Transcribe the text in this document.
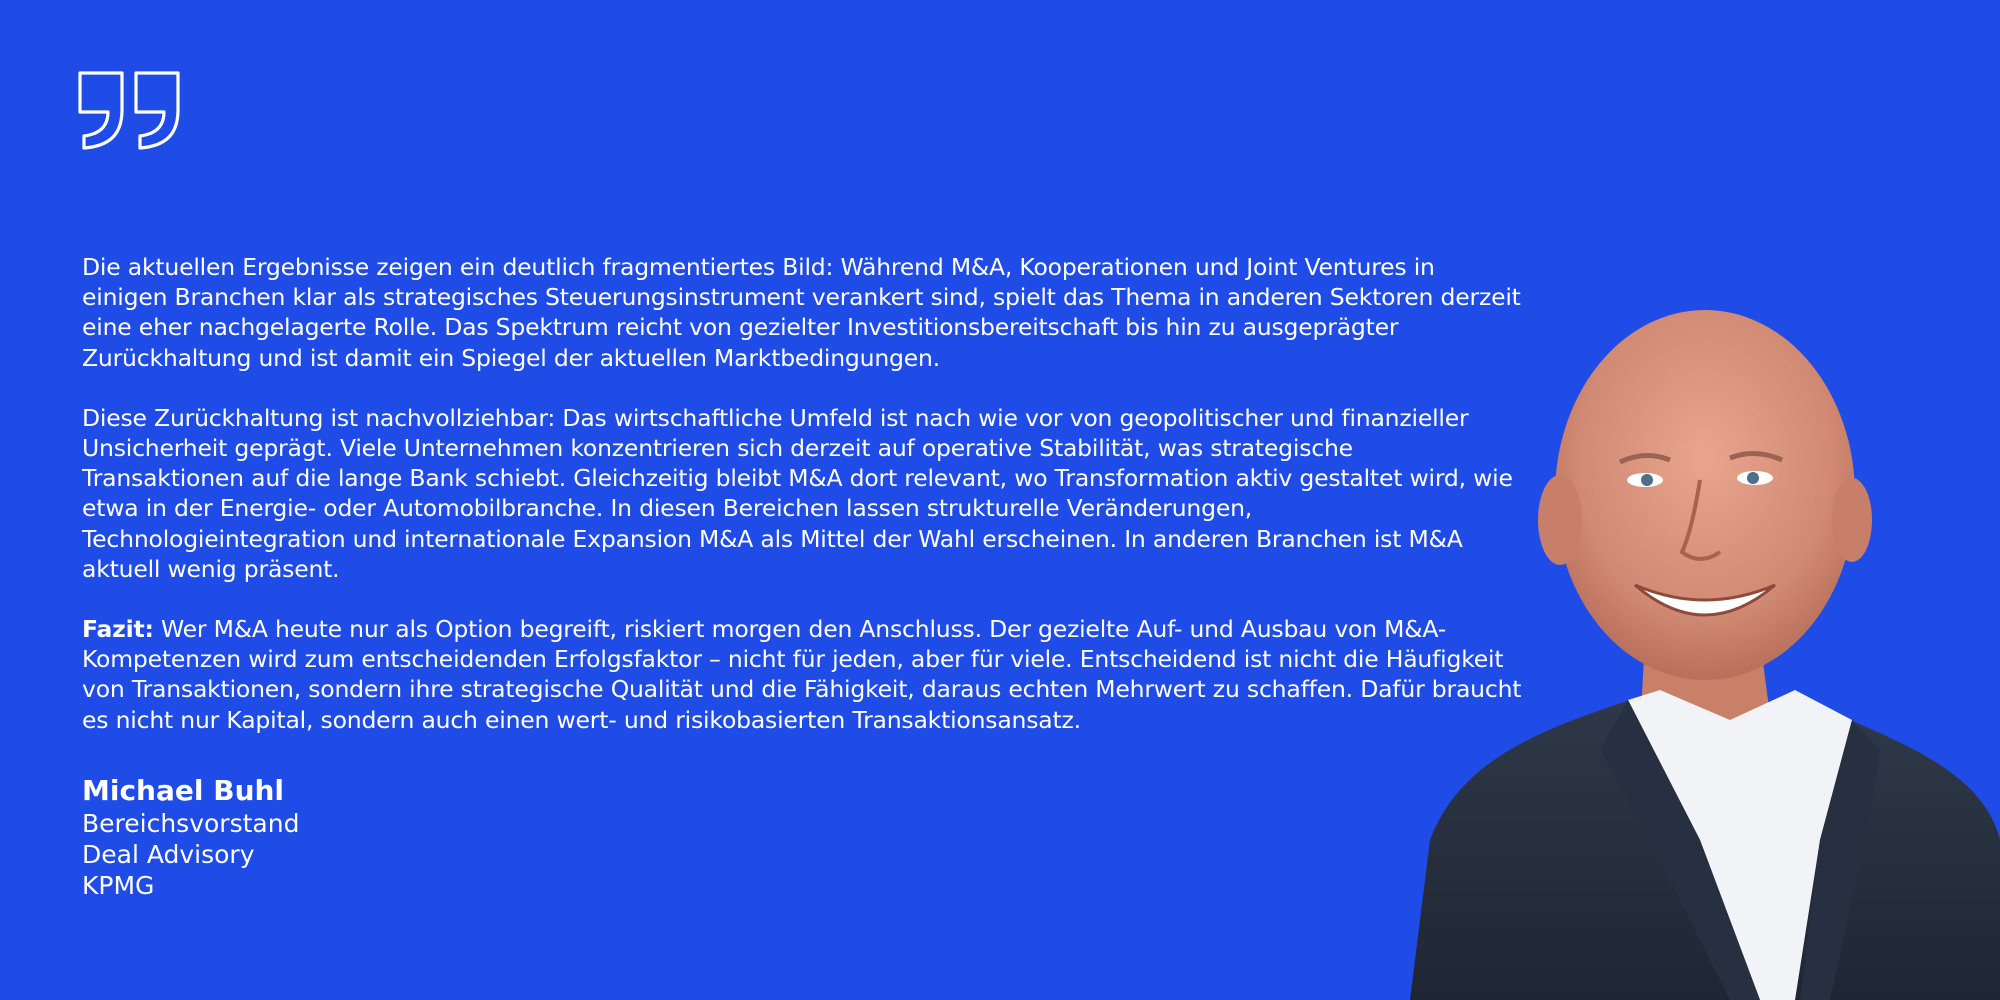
Die aktuellen Ergebnisse zeigen ein deutlich fragmentiertes Bild: Während M&A, Kooperationen und Joint Ventures in einigen Branchen klar als strategisches Steuerungsinstrument verankert sind, spielt das Thema in anderen Sektoren derzeit eine eher nachgelagerte Rolle. Das Spektrum reicht von gezielter Investitionsbereitschaft bis hin zu ausgeprägter Zurückhaltung und ist damit ein Spiegel der aktuellen Marktbedingungen.

Diese Zurückhaltung ist nachvollziehbar: Das wirtschaftliche Umfeld ist nach wie vor von geopolitischer und finanzieller Unsicherheit geprägt. Viele Unternehmen konzentrieren sich derzeit auf operative Stabilität, was strategische Transaktionen auf die lange Bank schiebt. Gleichzeitig bleibt M&A dort relevant, wo Transformation aktiv gestaltet wird, wie etwa in der Energie- oder Automobilbranche. In diesen Bereichen lassen strukturelle Veränderungen, Technologieintegration und internationale Expansion M&A als Mittel der Wahl erscheinen. In anderen Branchen ist M&A aktuell wenig präsent.

Fazit: Wer M&A heute nur als Option begreift, riskiert morgen den Anschluss. Der gezielte Auf- und Ausbau von M&A-Kompetenzen wird zum entscheidenden Erfolgsfaktor – nicht für jeden, aber für viele. Entscheidend ist nicht die Häufigkeit von Transaktionen, sondern ihre strategische Qualität und die Fähigkeit, daraus echten Mehrwert zu schaffen. Dafür braucht es nicht nur Kapital, sondern auch einen wert- und risikobasierten Transaktionsansatz.

Michael Buhl
Bereichsvorstand
Deal Advisory
KPMG
